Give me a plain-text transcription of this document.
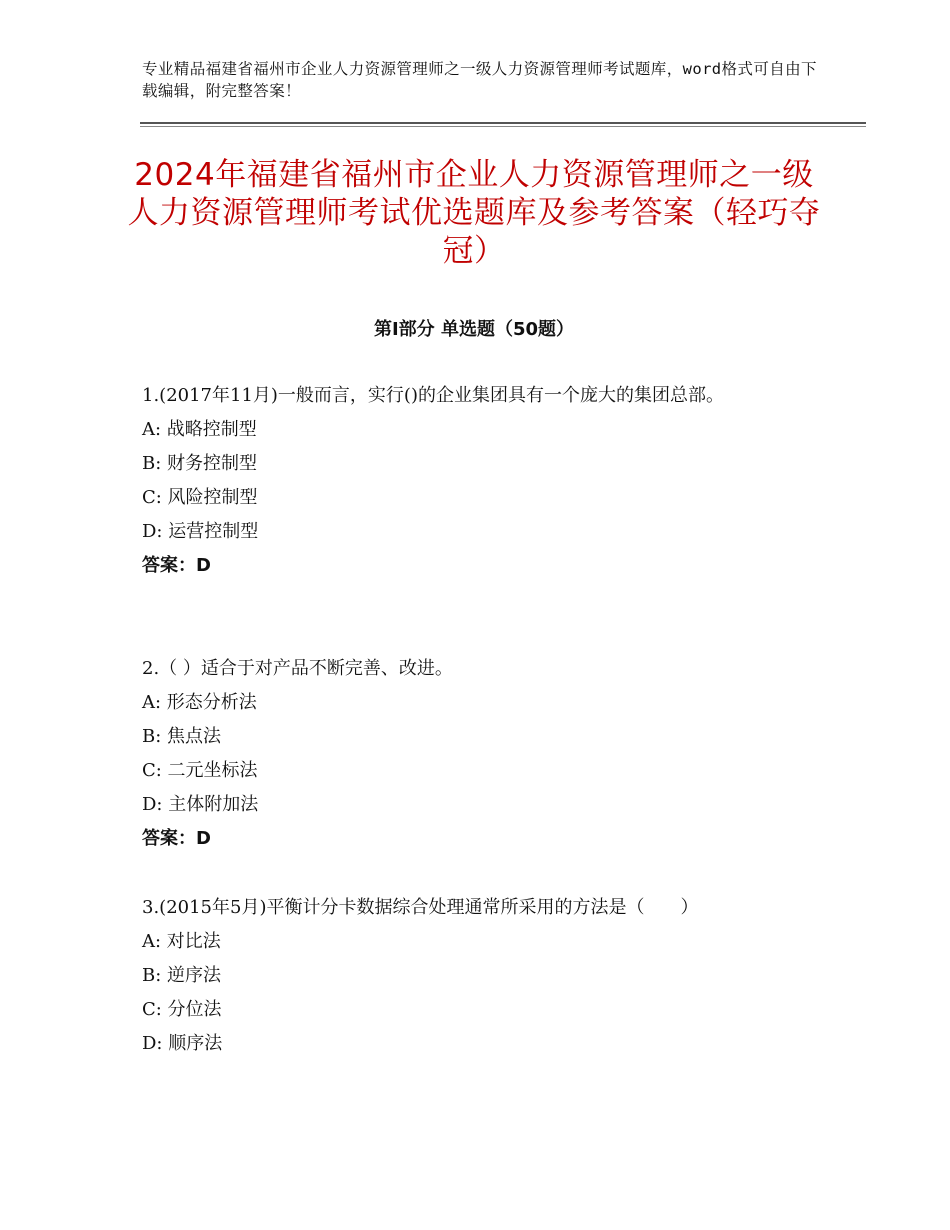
专业精品福建省福州市企业人力资源管理师之一级人力资源管理师考试题库，word格式可自由下载编辑，附完整答案！
2024年福建省福州市企业人力资源管理师之一级人力资源管理师考试优选题库及参考答案（轻巧夺冠）
第Ⅰ部分 单选题（50题）

1.(2017年11月)一般而言，实行()的企业集团具有一个庞大的集团总部。

A: 战略控制型

B: 财务控制型

C: 风险控制型

D: 运营控制型

答案：D

2.（ ）适合于对产品不断完善、改进。

A: 形态分析法

B: 焦点法

C: 二元坐标法

D: 主体附加法

答案：D

3.(2015年5月)平衡计分卡数据综合处理通常所采用的方法是（　　）

A: 对比法

B: 逆序法

C: 分位法

D: 顺序法
